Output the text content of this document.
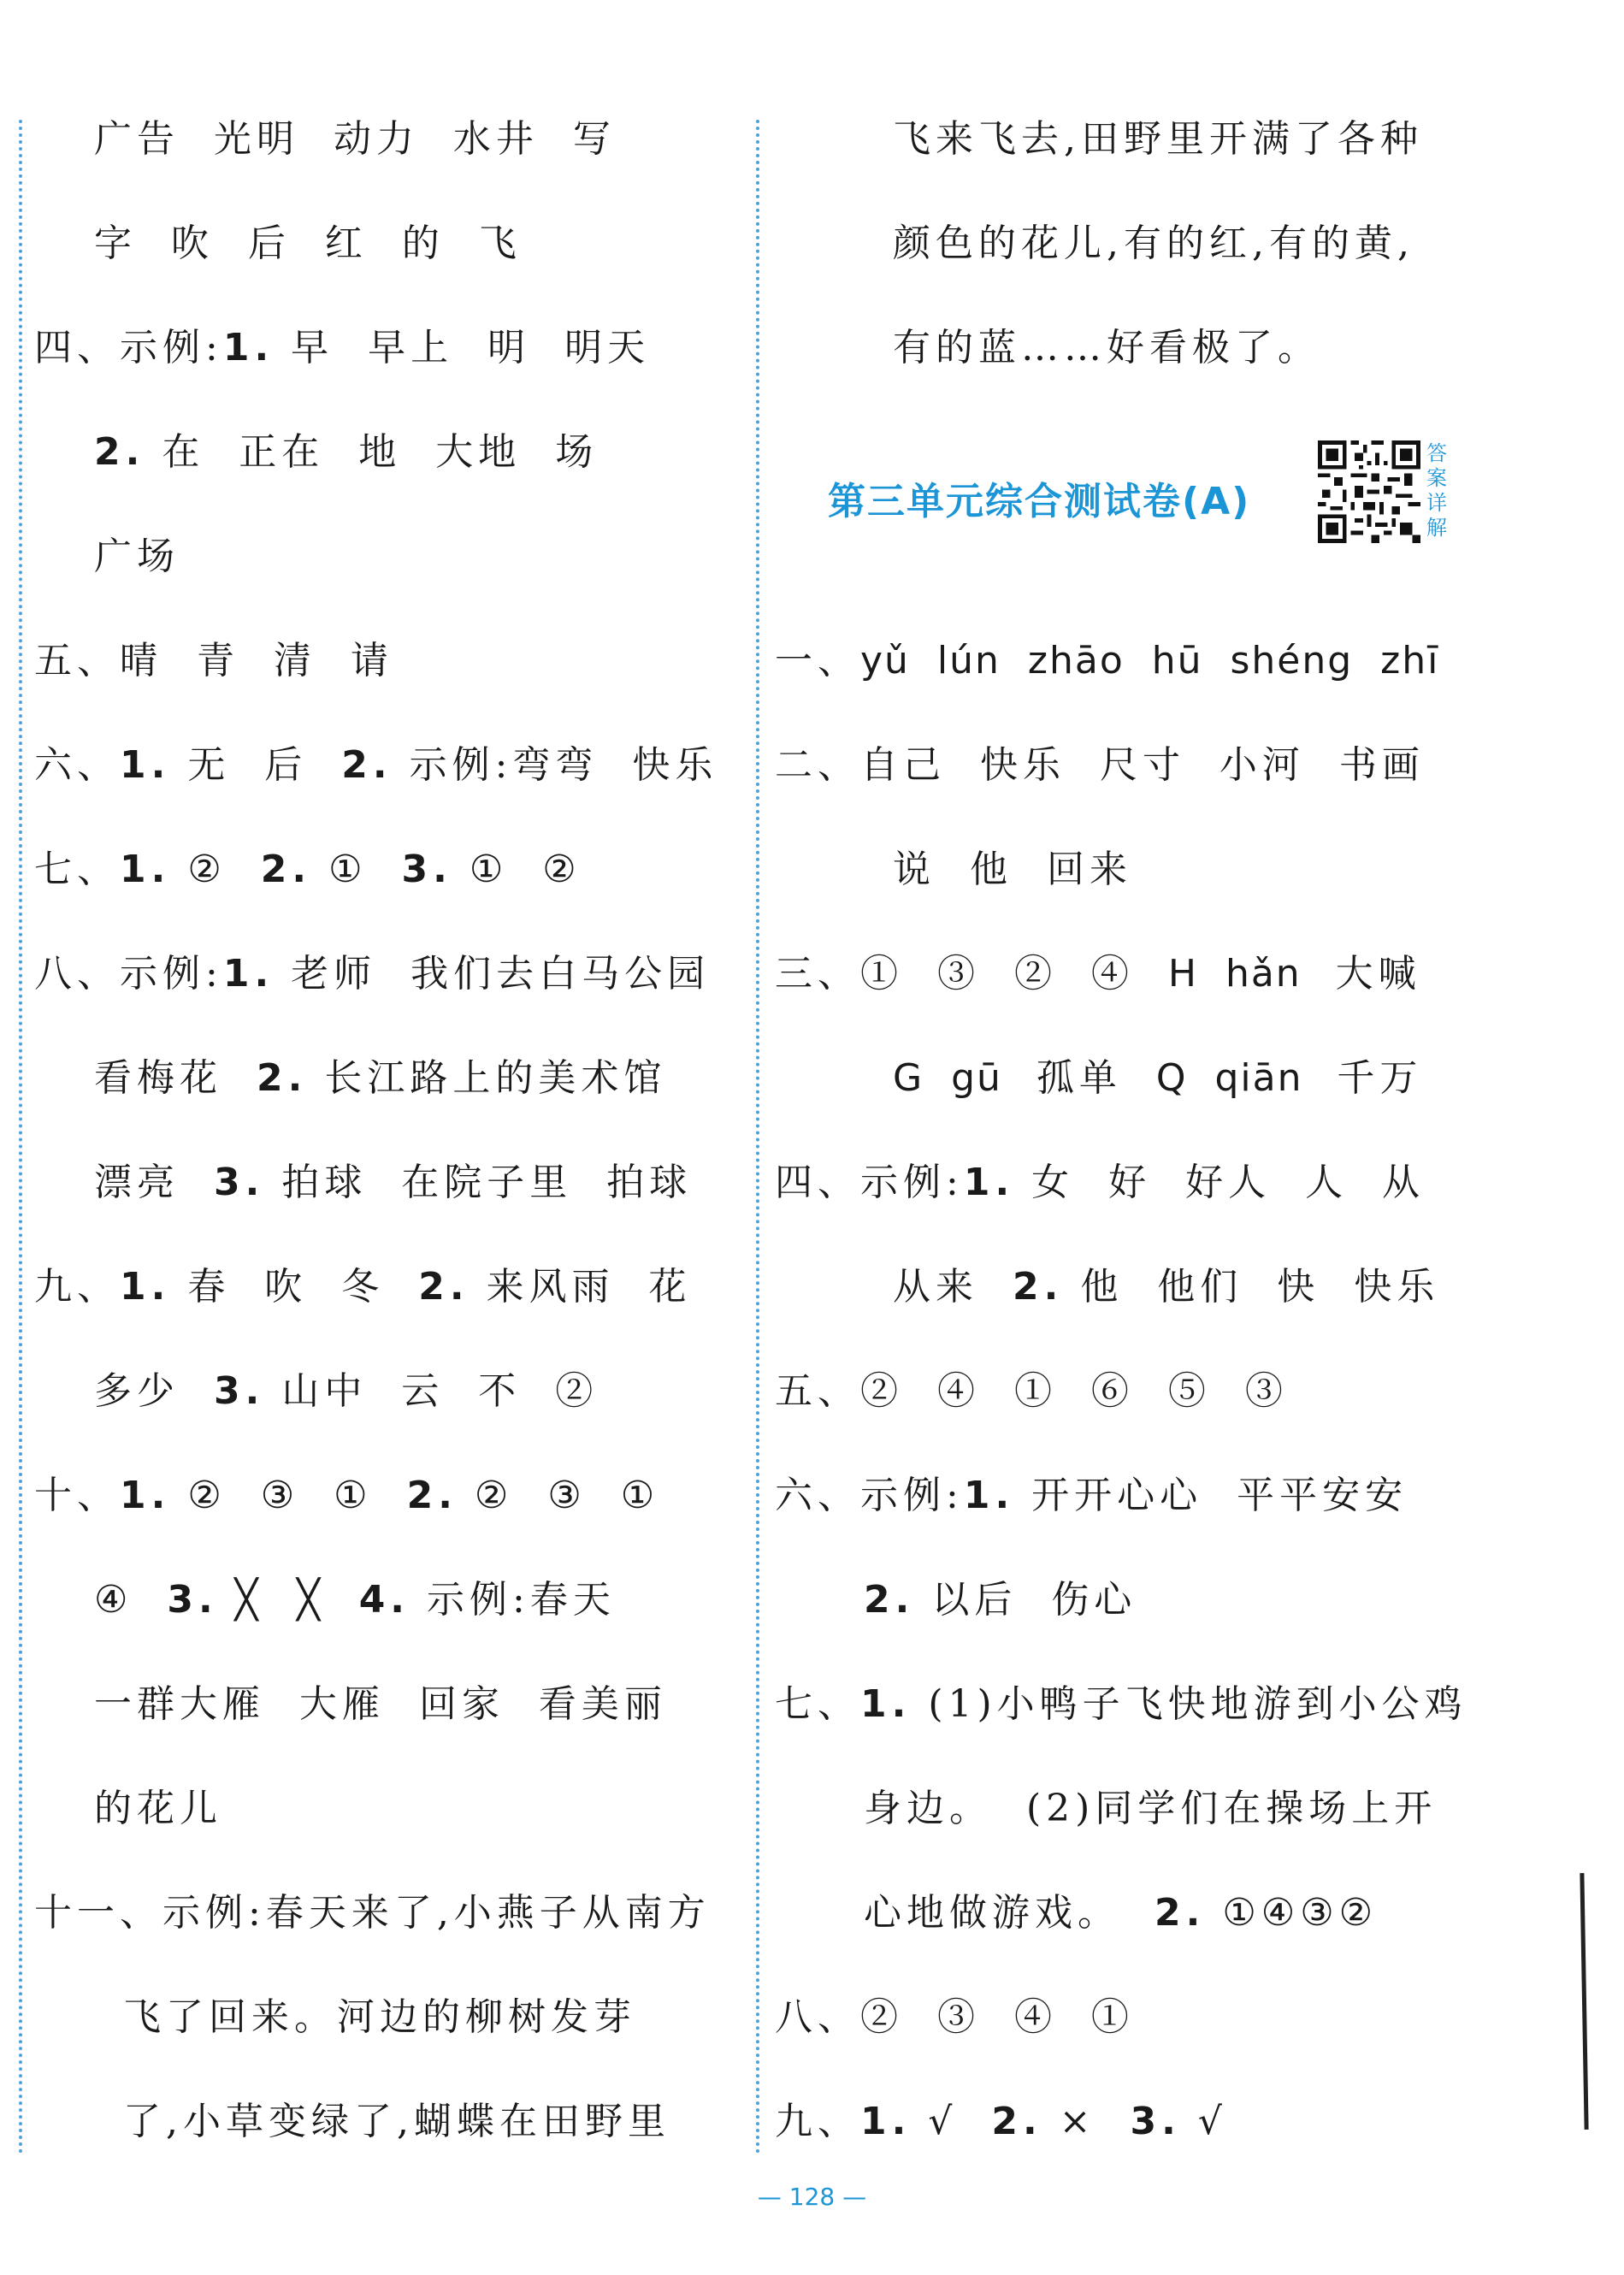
广告  光明  动力  水井  写
字  吹  后  红  的  飞
四、示例:1. 早  早上  明  明天
2. 在  正在  地  大地  场
广场
五、晴  青  清  请
六、1. 无  后  2. 示例:弯弯  快乐
七、1. ②  2. ①  3. ①  ②
八、示例:1. 老师  我们去白马公园
看梅花  2. 长江路上的美术馆
漂亮  3. 拍球  在院子里  拍球
九、1. 春  吹  冬  2. 来风雨  花
多少  3. 山中  云  不  ②
十、1. ②  ③  ①  2. ②  ③  ①
④  3. ╳  ╳  4. 示例:春天
一群大雁  大雁  回家  看美丽
的花儿
十一、示例:春天来了,小燕子从南方
飞了回来。河边的柳树发芽
了,小草变绿了,蝴蝶在田野里
飞来飞去,田野里开满了各种
颜色的花儿,有的红,有的黄,
有的蓝……好看极了。
第三单元综合测试卷(A)
答案详解
一、yǔ  lún  zhāo  hū  shéng  zhī
二、自己  快乐  尺寸  小河  书画
说  他  回来
三、①  ③  ②  ④  H  hǎn  大喊
G  gū  孤单  Q  qiān  千万
四、示例:1. 女  好  好人  人  从
从来  2. 他  他们  快  快乐
五、②  ④  ①  ⑥  ⑤  ③
六、示例:1. 开开心心  平平安安
2. 以后  伤心
七、1. (1)小鸭子飞快地游到小公鸡
身边。  (2)同学们在操场上开
心地做游戏。  2. ①④③②
八、②  ③  ④  ①
九、1. √  2. ×  3. √
— 128 —
